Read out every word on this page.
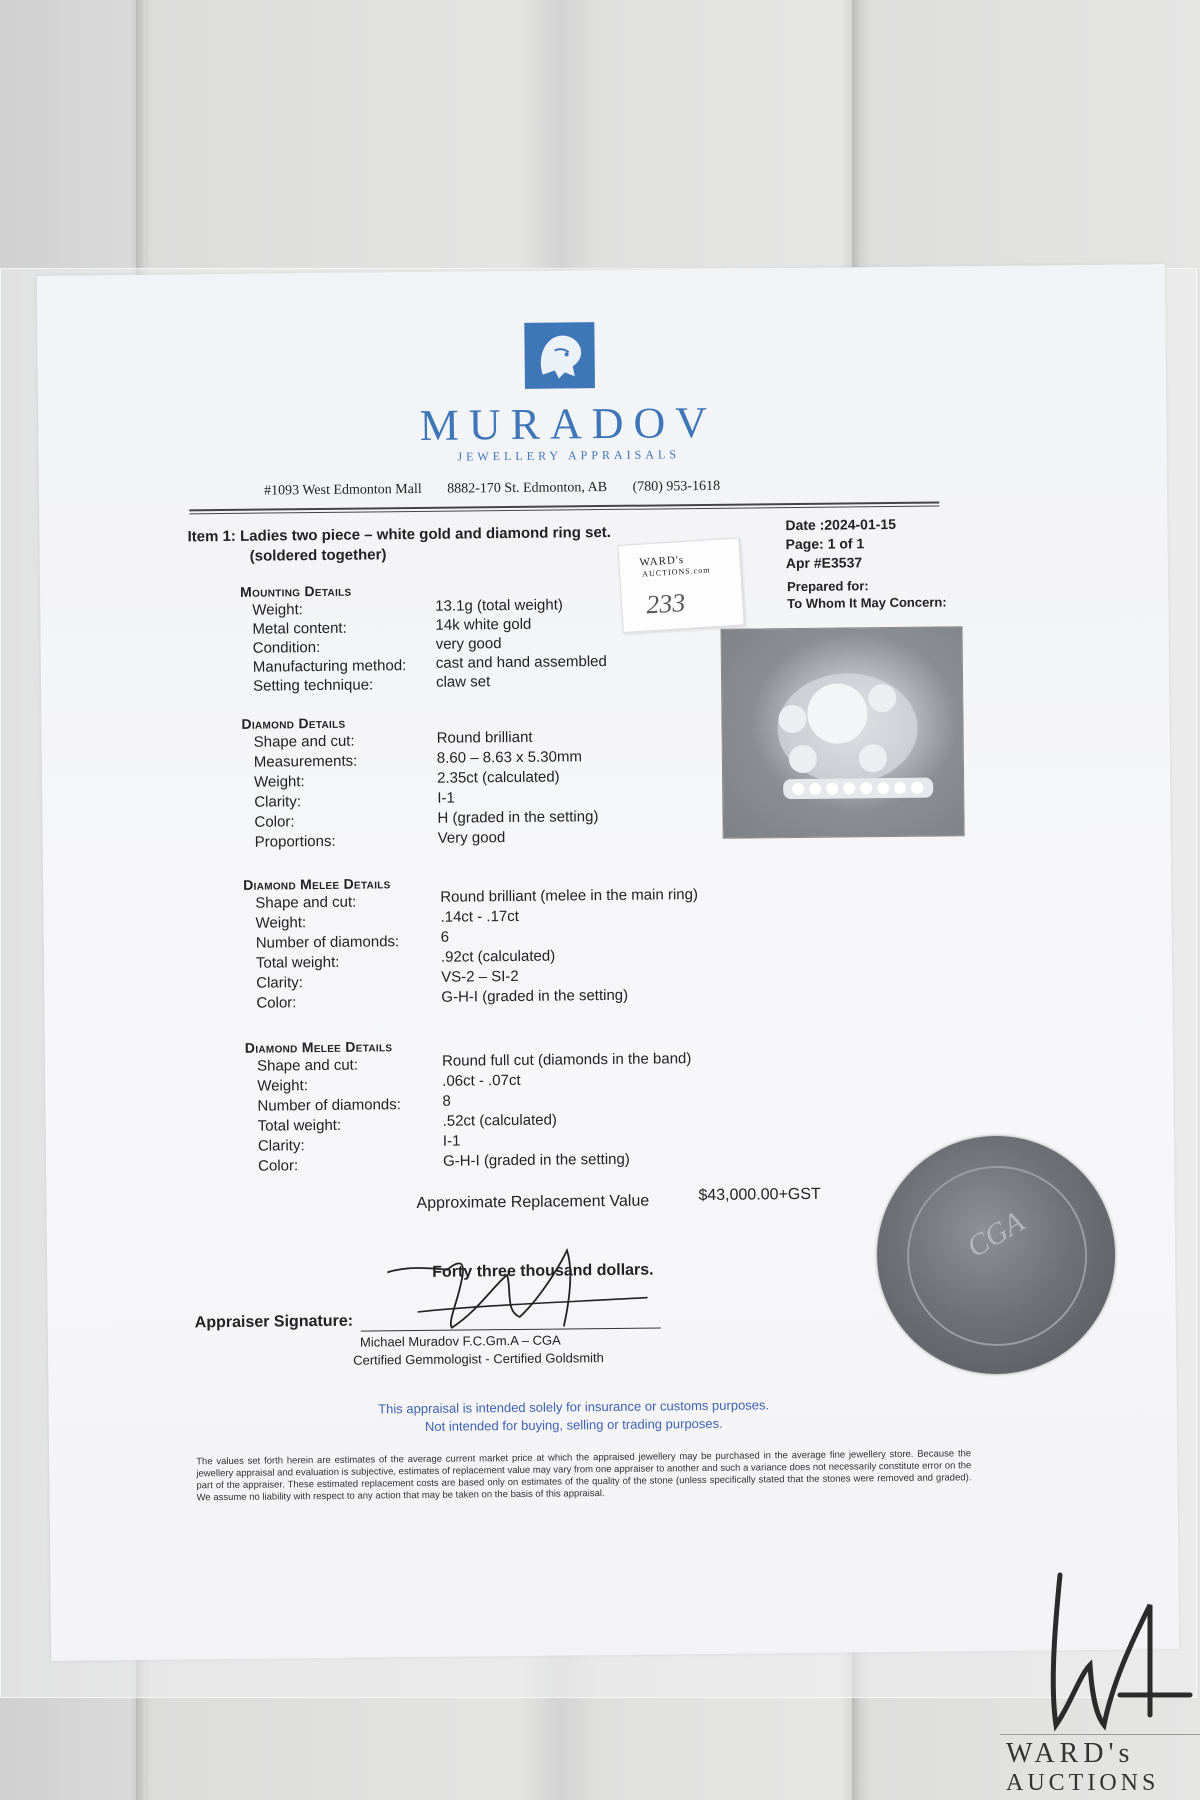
MURADOV
JEWELLERY APPRAISALS
#1093 West Edmonton Mall 8882-170 St. Edmonton, AB (780) 953-1618
Item 1: Ladies two piece – white gold and diamond ring set.
(soldered together)
Date :2024-01-15
Page: 1 of 1
Apr #E3537
Prepared for:
To Whom It May Concern:
WARD's
AUCTIONS.com
233
Mounting Details
Weight:	13.1g (total weight)
Metal content:	14k white gold
Condition:	very good
Manufacturing method: cast and hand assembled
Setting technique:	claw set
Diamond Details
Shape and cut:	Round brilliant
Measurements:	8.60 – 8.63 x 5.30mm
Weight:	2.35ct (calculated)
Clarity:	I-1
Color:	H (graded in the setting)
Proportions:	Very good
Diamond Melee Details
Shape and cut:	Round brilliant (melee in the main ring)
Weight:	.14ct - .17ct
Number of diamonds:	6
Total weight:	.92ct (calculated)
Clarity:	VS-2 – SI-2
Color:	G-H-I (graded in the setting)
Diamond Melee Details
Shape and cut:	Round full cut (diamonds in the band)
Weight:	.06ct - .07ct
Number of diamonds:	8
Total weight:	.52ct (calculated)
Clarity:	I-1
Color:	G-H-I (graded in the setting)
Approximate Replacement Value	$43,000.00+GST
Forty three thousand dollars.
Appraiser Signature:
Michael Muradov F.C.Gm.A – CGA
Certified Gemmologist - Certified Goldsmith
CGA
This appraisal is intended solely for insurance or customs purposes.
Not intended for buying, selling or trading purposes.
The values set forth herein are estimates of the average current market price at which the appraised jewellery may be purchased in the average fine jewellery store. Because the jewellery appraisal and evaluation is subjective, estimates of replacement value may vary from one appraiser to another and such a variance does not necessarily constitute error on the part of the appraiser. These estimated replacement costs are based only on estimates of the quality of the stone (unless specifically stated that the stones were removed and graded). We assume no liability with respect to any action that may be taken on the basis of this appraisal.
WARD's
AUCTIONS
